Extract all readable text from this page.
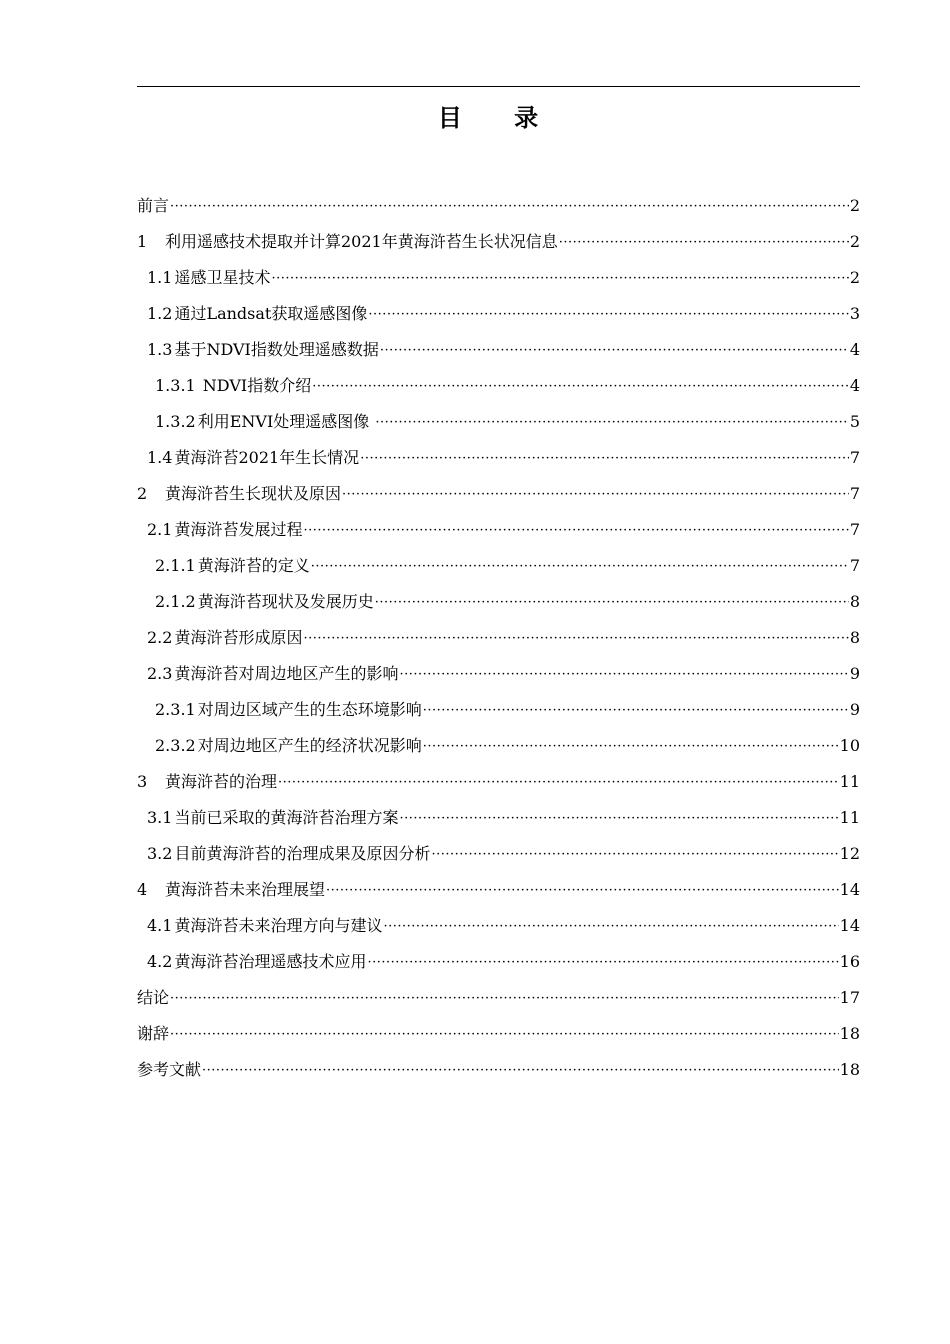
目 录
前言 ·····	2
1 利用遥感技术提取并计算2021年黄海浒苔生长状况信息 ·····	2
1.1 遥感卫星技术 ·····	2
1.2 通过Landsat获取遥感图像 ·····	3
1.3 基于NDVI指数处理遥感数据 ·····	4
1.3.1 NDVI指数介绍 ·····	4
1.3.2 利用ENVI处理遥感图像 ·····	5
1.4 黄海浒苔2021年生长情况 ·····	7
2 黄海浒苔生长现状及原因 ·····	7
2.1 黄海浒苔发展过程 ·····	7
2.1.1 黄海浒苔的定义 ·····	7
2.1.2 黄海浒苔现状及发展历史 ·····	8
2.2 黄海浒苔形成原因 ·····	8
2.3 黄海浒苔对周边地区产生的影响 ·····	9
2.3.1 对周边区域产生的生态环境影响 ·····	9
2.3.2 对周边地区产生的经济状况影响 ·····	10
3 黄海浒苔的治理 ·····	11
3.1 当前已采取的黄海浒苔治理方案 ·····	11
3.2 目前黄海浒苔的治理成果及原因分析 ·····	12
4 黄海浒苔未来治理展望 ·····	14
4.1 黄海浒苔未来治理方向与建议 ·····	14
4.2 黄海浒苔治理遥感技术应用 ·····	16
结论 ·····	17
谢辞 ·····	18
参考文献 ·····	18
